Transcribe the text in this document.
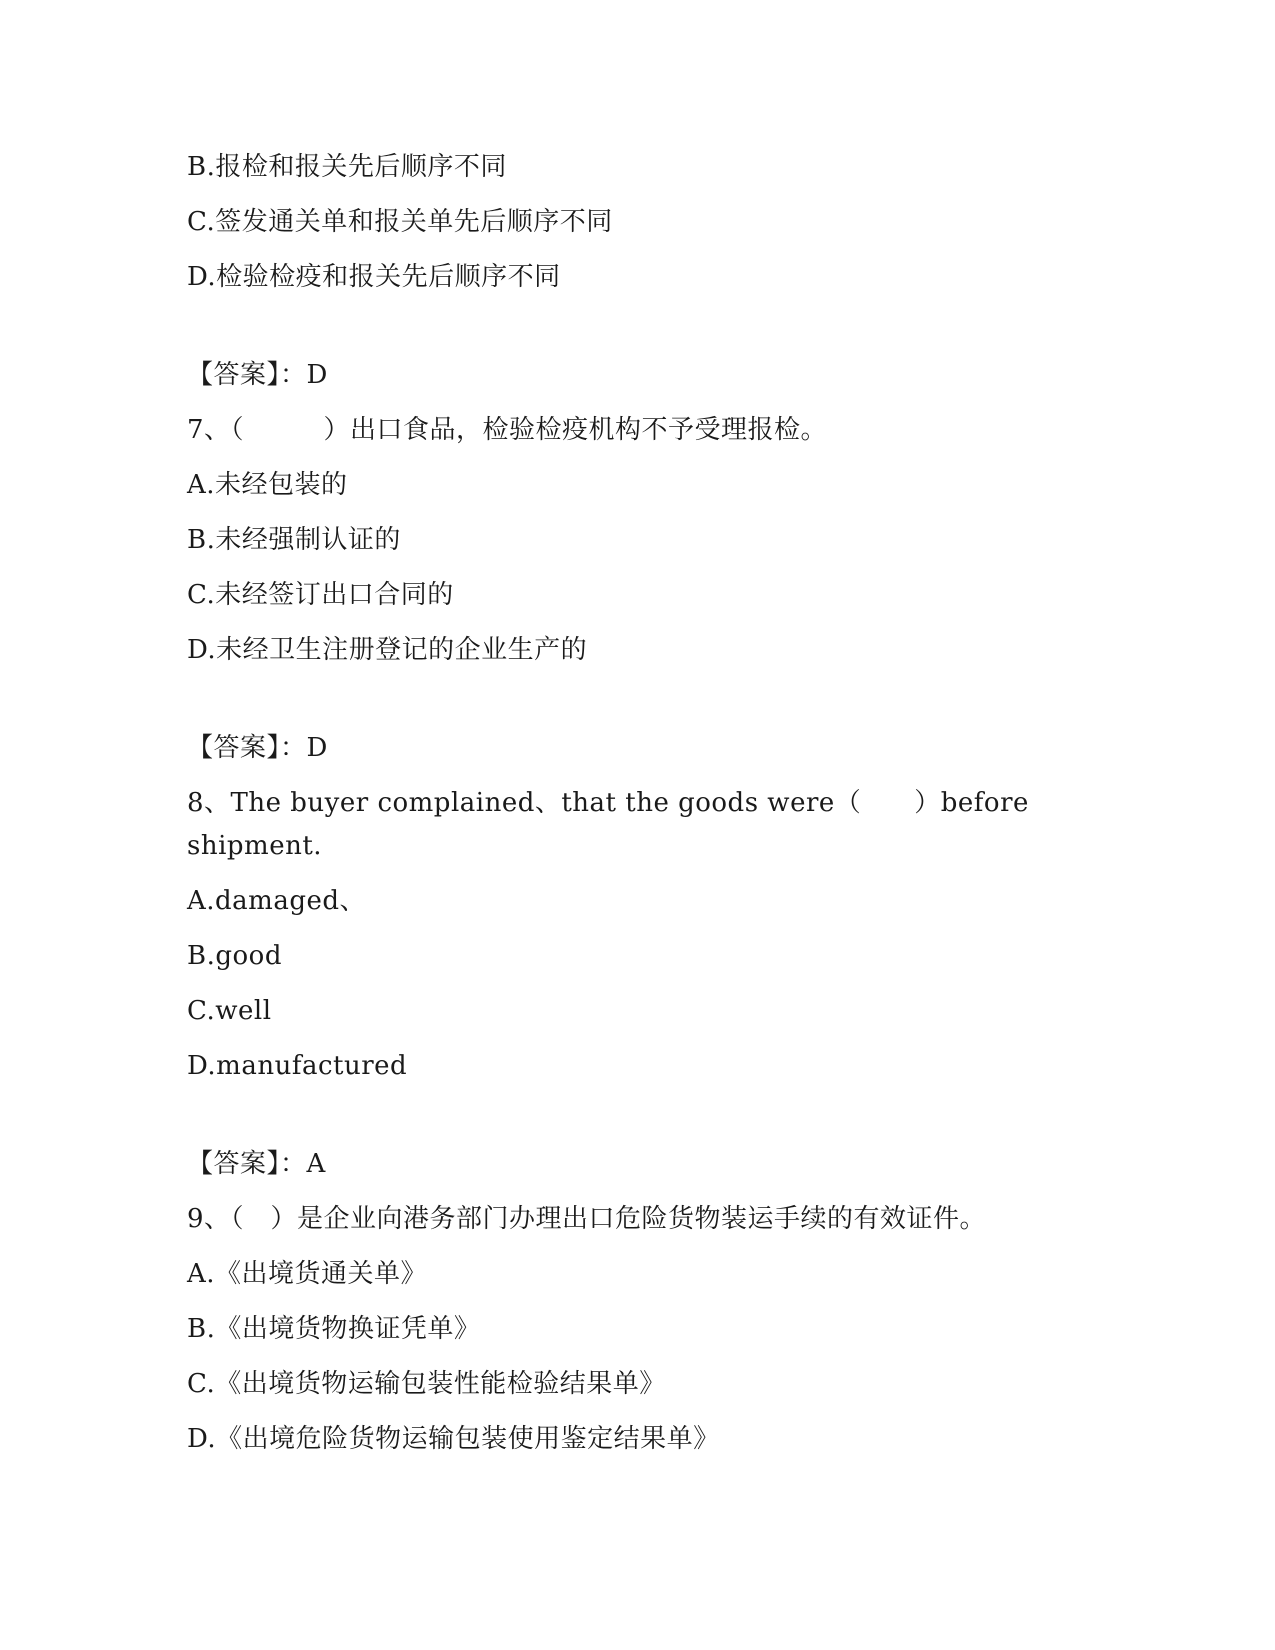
B.报检和报关先后顺序不同
C.签发通关单和报关单先后顺序不同
D.检验检疫和报关先后顺序不同
【答案】：D
7、（　　　）出口食品，检验检疫机构不予受理报检。
A.未经包装的
B.未经强制认证的
C.未经签订出口合同的
D.未经卫生注册登记的企业生产的
【答案】：D
8、The buyer complained、that the goods were（　　）before
shipment.
A.damaged、
B.good
C.well
D.manufactured
【答案】：A
9、（　）是企业向港务部门办理出口危险货物装运手续的有效证件。
A.《出境货通关单》
B.《出境货物换证凭单》
C.《出境货物运输包装性能检验结果单》
D.《出境危险货物运输包装使用鉴定结果单》
